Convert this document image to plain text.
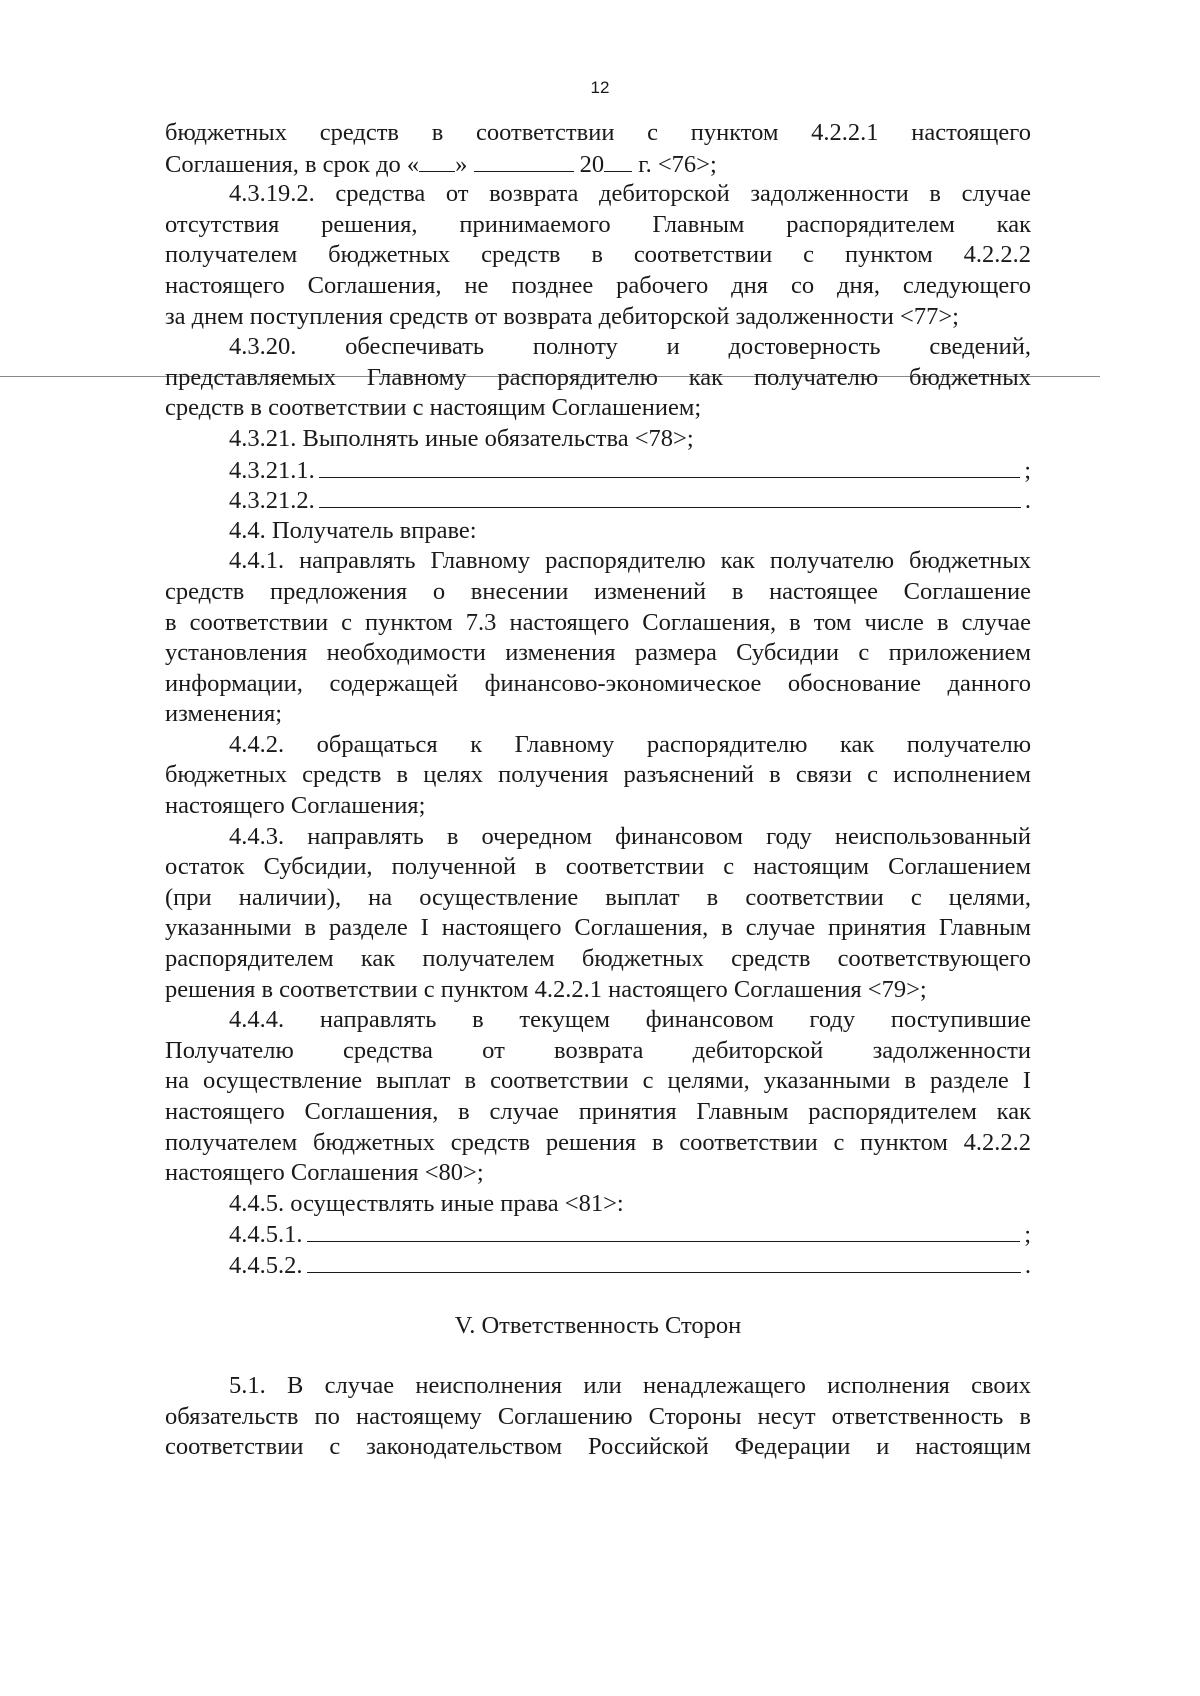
12
бюджетных средств в соответствии с пунктом 4.2.2.1 настоящего
Соглашения, в срок до « »	20 г. <76>;
4.3.19.2. средства от возврата дебиторской задолженности в случае
отсутствия решения, принимаемого Главным распорядителем как
получателем бюджетных средств в соответствии с пунктом 4.2.2.2
настоящего Соглашения, не позднее рабочего дня со дня, следующего
за днем поступления средств от возврата дебиторской задолженности <77>;
4.3.20. обеспечивать полноту и достоверность сведений,
представляемых Главному распорядителю как получателю бюджетных
средств в соответствии с настоящим Соглашением;
4.3.21. Выполнять иные обязательства <78>;
4.3.21.1.	;
4.3.21.2.	.
4.4. Получатель вправе:
4.4.1. направлять Главному распорядителю как получателю бюджетных
средств предложения о внесении изменений в настоящее Соглашение
в соответствии с пунктом 7.3 настоящего Соглашения, в том числе в случае
установления необходимости изменения размера Субсидии с приложением
информации, содержащей финансово-экономическое обоснование данного
изменения;
4.4.2. обращаться к Главному распорядителю как получателю
бюджетных средств в целях получения разъяснений в связи с исполнением
настоящего Соглашения;
4.4.3. направлять в очередном финансовом году неиспользованный
остаток Субсидии, полученной в соответствии с настоящим Соглашением
(при наличии), на осуществление выплат в соответствии с целями,
указанными в разделе I настоящего Соглашения, в случае принятия Главным
распорядителем как получателем бюджетных средств соответствующего
решения в соответствии с пунктом 4.2.2.1 настоящего Соглашения <79>;
4.4.4. направлять в текущем финансовом году поступившие
Получателю средства от возврата дебиторской задолженности
на осуществление выплат в соответствии с целями, указанными в разделе I
настоящего Соглашения, в случае принятия Главным распорядителем как
получателем бюджетных средств решения в соответствии с пунктом 4.2.2.2
настоящего Соглашения <80>;
4.4.5. осуществлять иные права <81>:
4.4.5.1.	;
4.4.5.2.	.
V. Ответственность Сторон
5.1. В случае неисполнения или ненадлежащего исполнения своих
обязательств по настоящему Соглашению Стороны несут ответственность в
соответствии с законодательством Российской Федерации и настоящим
